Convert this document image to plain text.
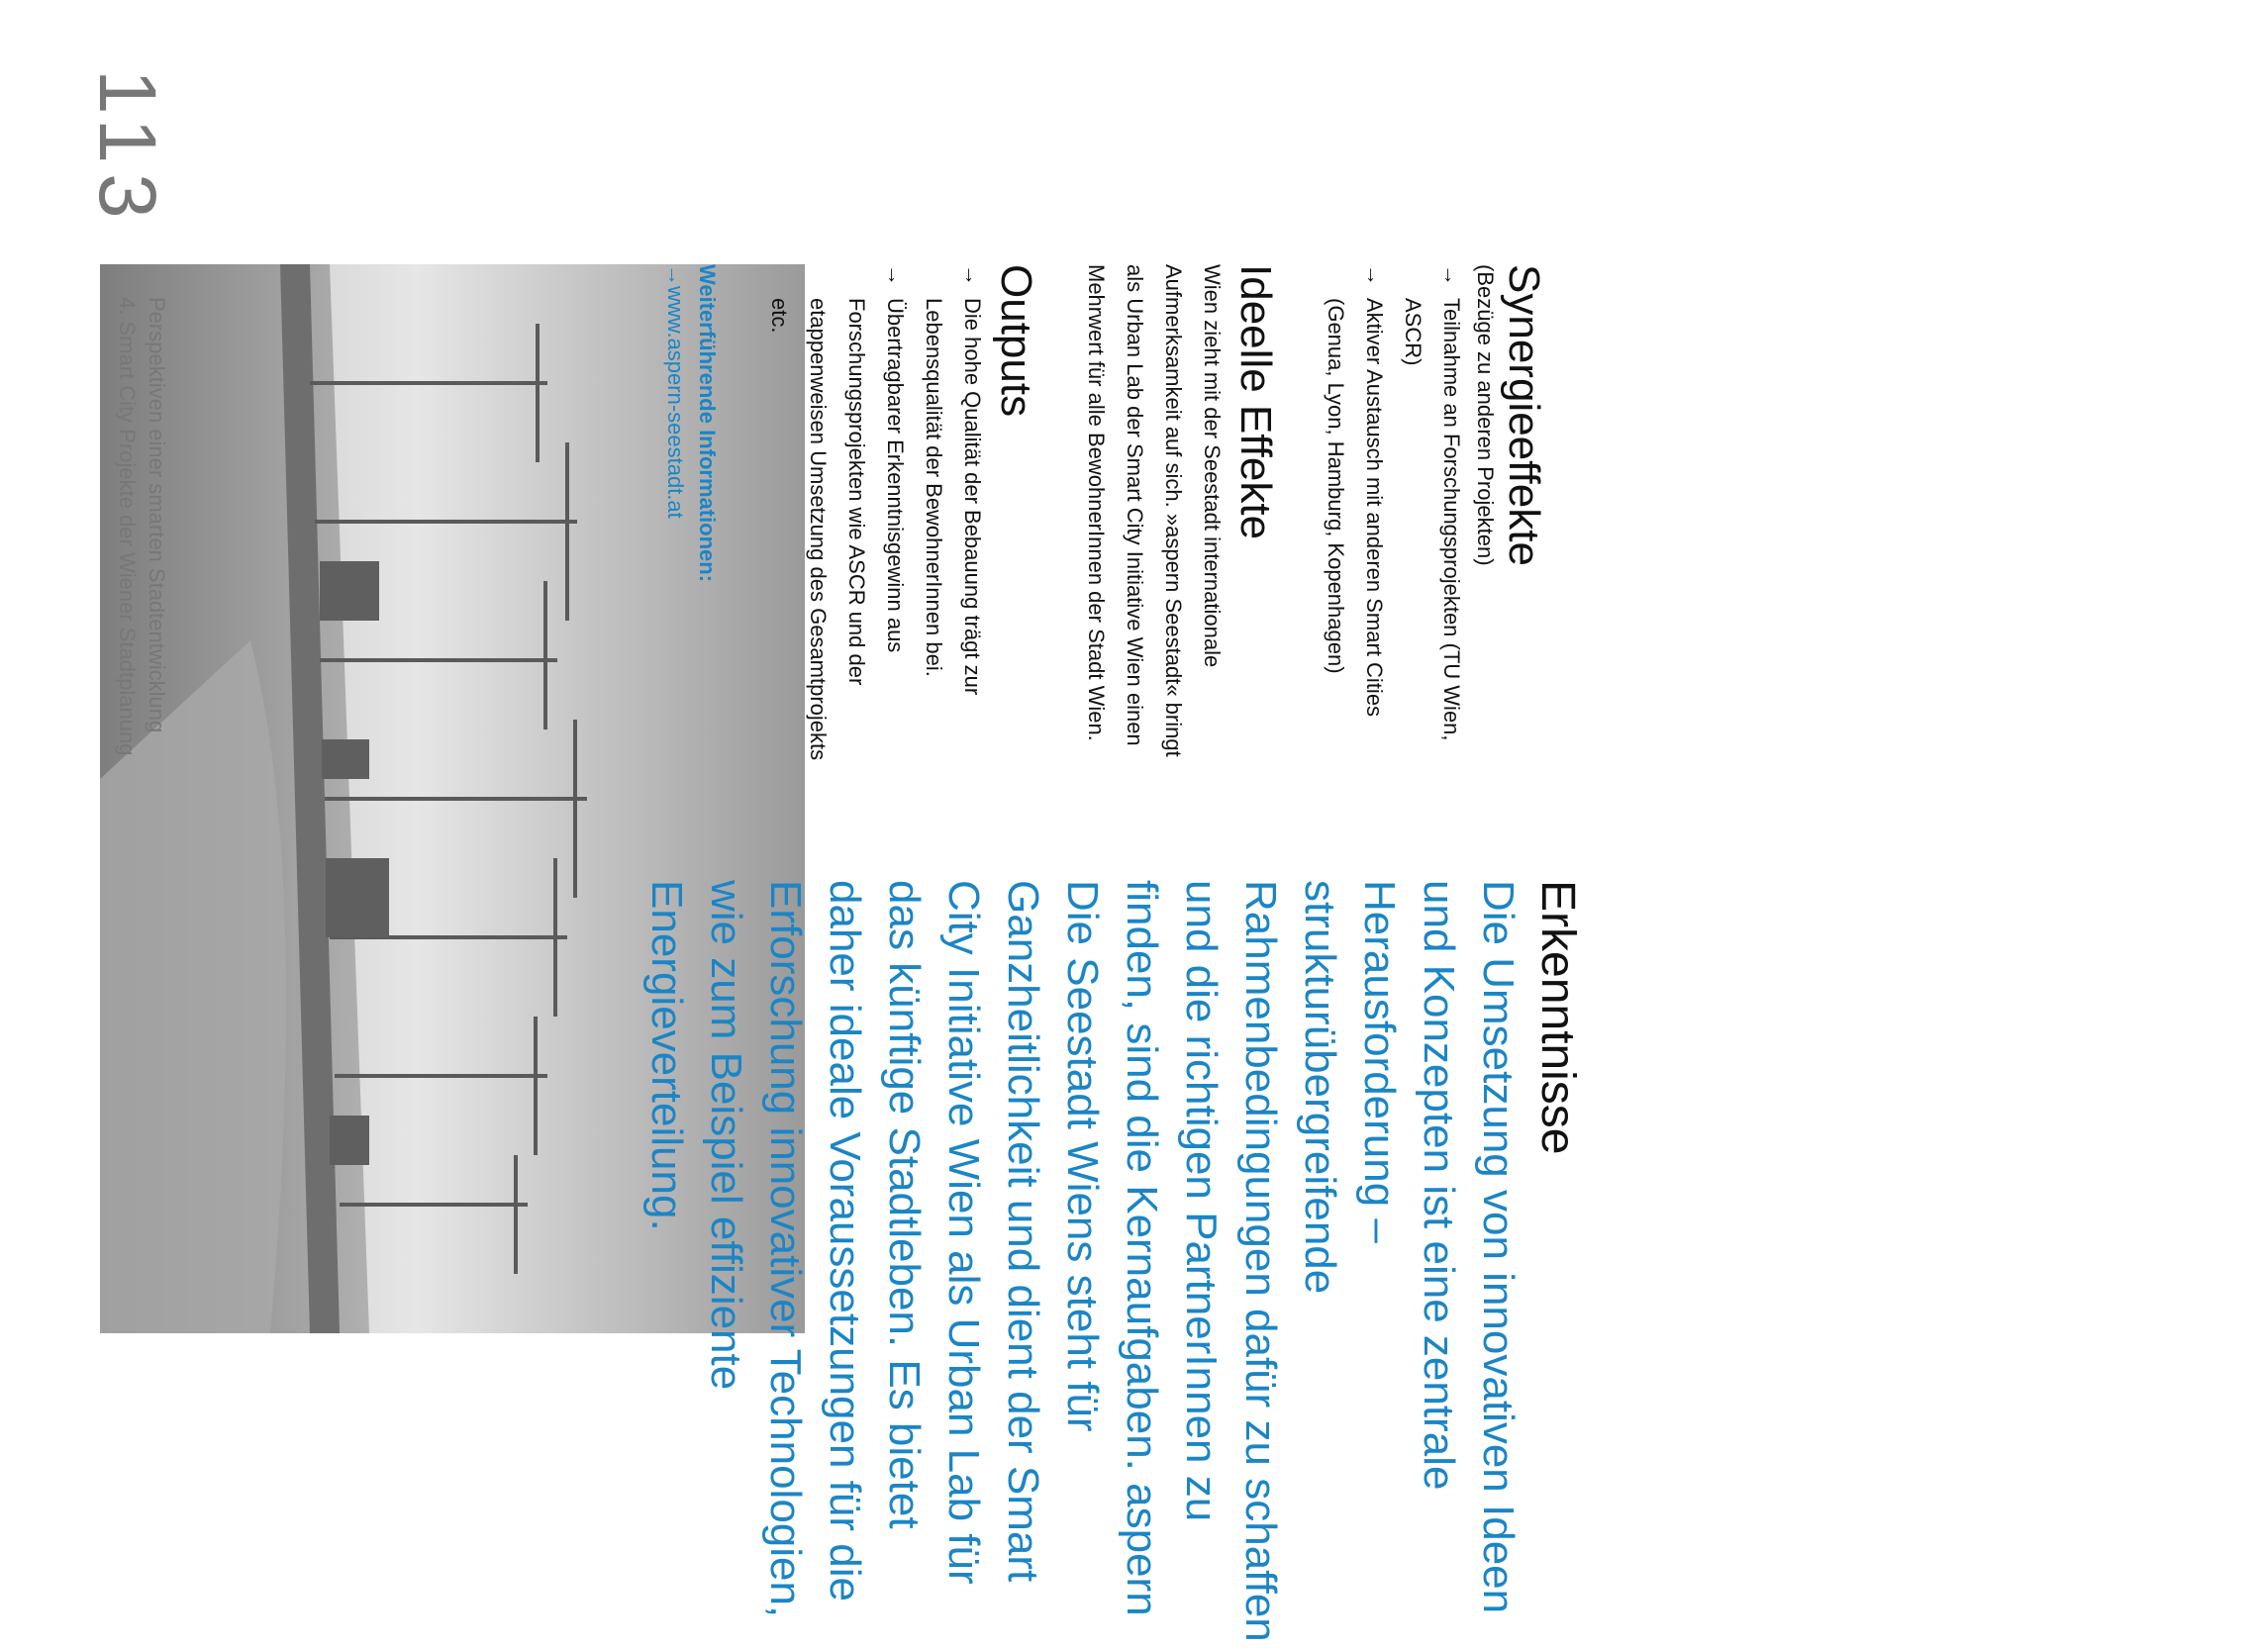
Synergieeffekte

(Bezüge zu anderen Projekten)

→
Teilnahme an Forschungsprojekten (TU Wien, ASCR)
→
Aktiver Austausch mit anderen Smart Cities (Genua, Lyon, Hamburg, Kopenhagen)
Ideelle Effekte

Wien zieht mit der Seestadt internationale Aufmerksamkeit auf sich. »aspern Seestadt« bringt als Urban Lab der Smart City Initiative Wien einen Mehrwert für alle BewohnerInnen der Stadt Wien.

Outputs
→
Die hohe Qualität der Bebauung trägt zur Lebensqualität der BewohnerInnen bei.
→
Übertragbarer Erkenntnisgewinn aus Forschungsprojekten wie ASCR und der etappenweisen Umsetzung des Gesamtprojekts etc.

Weiterführende Informationen:

→www.aspern-seestadt.at
Erkenntnisse

Die Umsetzung von innovativen Ideen und Konzepten ist eine zentrale Herausforderung – strukturübergreifende Rahmenbedingungen dafür zu schaffen und die richtigen PartnerInnen zu finden, sind die Kernaufgaben. aspern Die Seestadt Wiens steht für Ganzheitlichkeit und dient der Smart City Initiative Wien als Urban Lab für das künftige Stadtleben. Es bietet daher ideale Voraussetzungen für die Erforschung innovativer Technologien, wie zum Beispiel effiziente Energieverteilung.

Perspektiven einer smarten Stadtentwicklung
4. Smart City Projekte der Wiener Stadtplanung
113
